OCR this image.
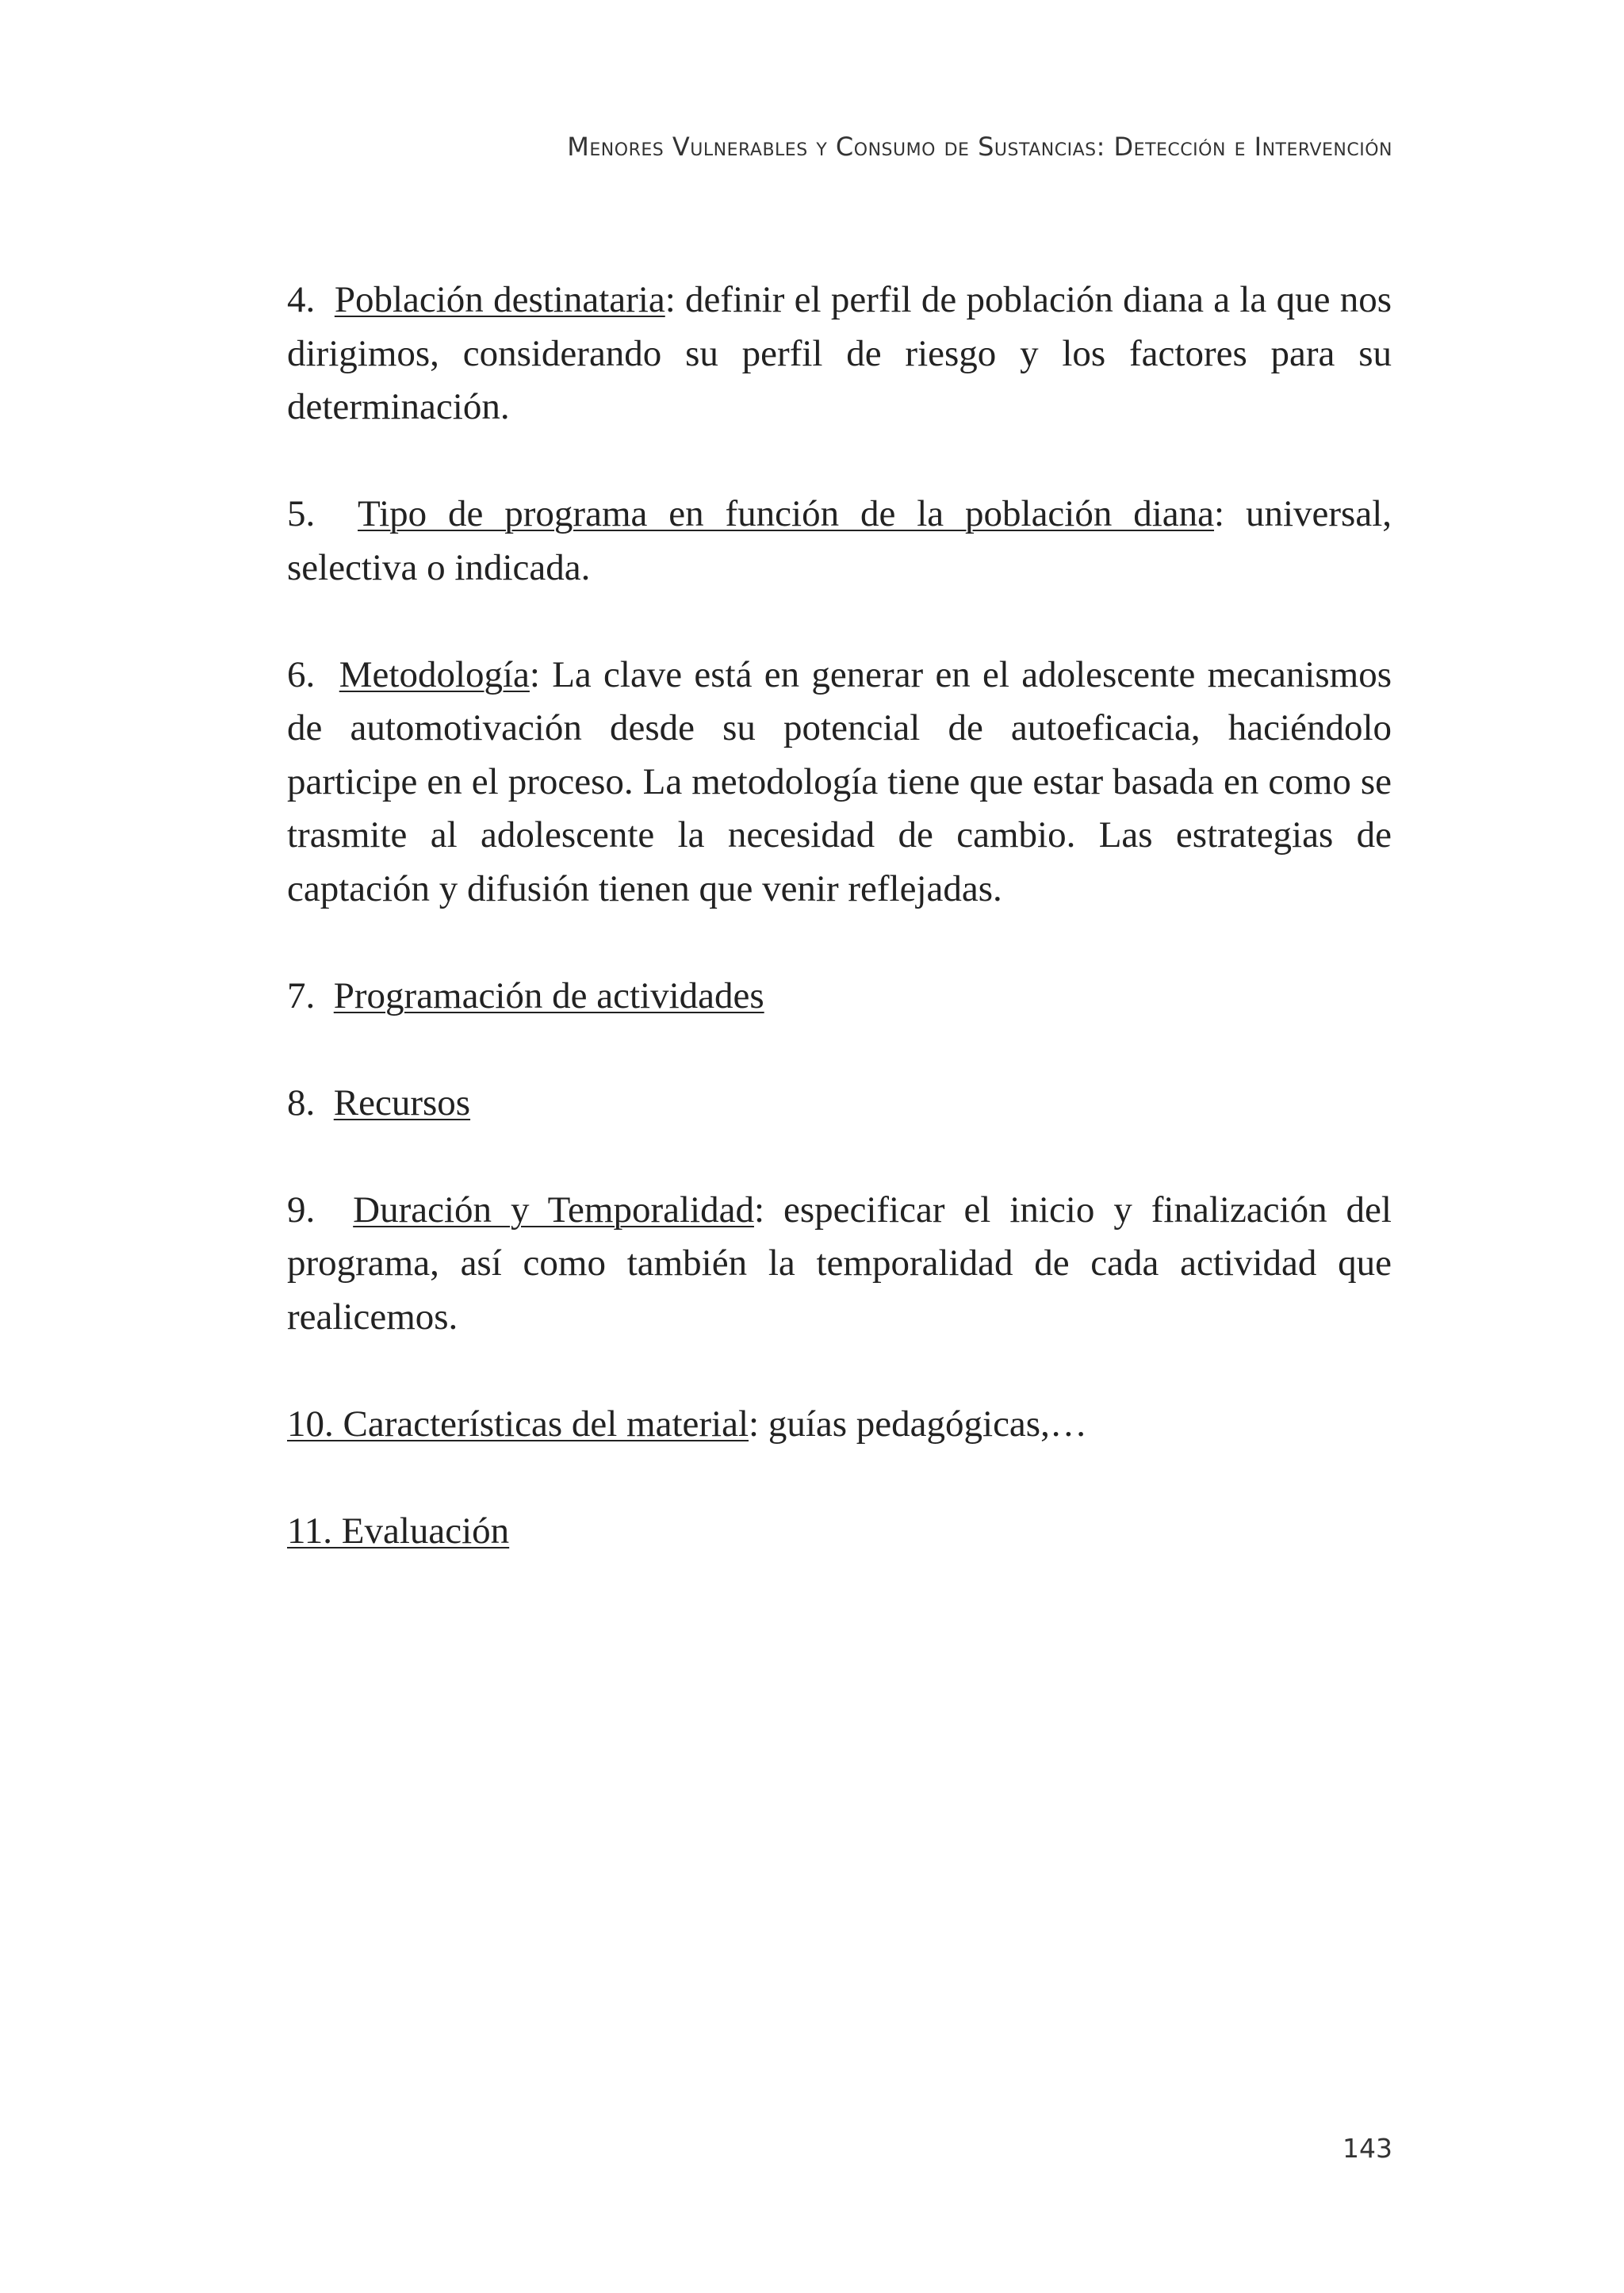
Menores Vulnerables y Consumo de Sustancias: Detección e Intervención

4. Población destinataria: definir el perfil de población diana a la que nos dirigimos, considerando su perfil de riesgo y los factores para su determinación.

5. Tipo de programa en función de la población diana: universal, selectiva o indicada.

6. Metodología: La clave está en generar en el adolescente mecanismos de automotivación desde su potencial de autoeficacia, haciéndolo participe en el proceso. La metodología tiene que estar basada en como se trasmite al adolescente la necesidad de cambio. Las estrategias de captación y difusión tienen que venir reflejadas.

7. Programación de actividades

8. Recursos

9. Duración y Temporalidad: especificar el inicio y finalización del programa, así como también la temporalidad de cada actividad que realicemos.

10. Características del material: guías pedagógicas,…

11. Evaluación

143
